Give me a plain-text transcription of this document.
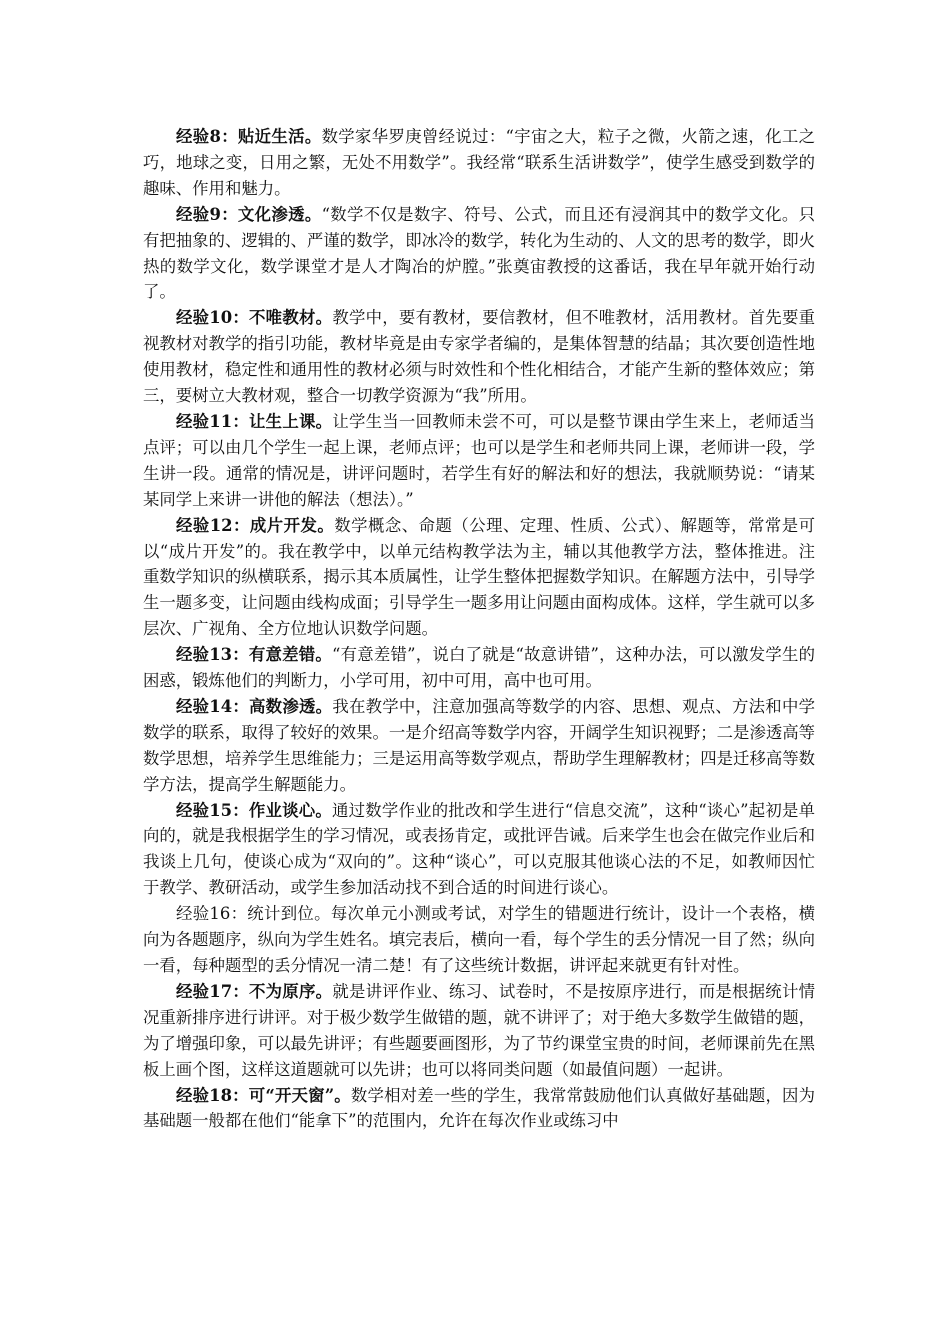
经验8：贴近生活。数学家华罗庚曾经说过：“宇宙之大，粒子之微，火箭之速，化工之巧，地球之变，日用之繁，无处不用数学”。我经常“联系生活讲数学”，使学生感受到数学的趣味、作用和魅力。

经验9：文化渗透。“数学不仅是数字、符号、公式，而且还有浸润其中的数学文化。只有把抽象的、逻辑的、严谨的数学，即冰冷的数学，转化为生动的、人文的思考的数学，即火热的数学文化，数学课堂才是人才陶冶的炉膛。”张奠宙教授的这番话，我在早年就开始行动了。

经验10：不唯教材。教学中，要有教材，要信教材，但不唯教材，活用教材。首先要重视教材对教学的指引功能，教材毕竟是由专家学者编的，是集体智慧的结晶；其次要创造性地使用教材，稳定性和通用性的教材必须与时效性和个性化相结合，才能产生新的整体效应；第三，要树立大教材观，整合一切教学资源为“我”所用。

经验11：让生上课。让学生当一回教师未尝不可，可以是整节课由学生来上，老师适当点评；可以由几个学生一起上课，老师点评；也可以是学生和老师共同上课，老师讲一段，学生讲一段。通常的情况是，讲评问题时，若学生有好的解法和好的想法，我就顺势说：“请某某同学上来讲一讲他的解法（想法）。”

经验12：成片开发。数学概念、命题（公理、定理、性质、公式）、解题等，常常是可以“成片开发”的。我在教学中，以单元结构教学法为主，辅以其他教学方法，整体推进。注重数学知识的纵横联系，揭示其本质属性，让学生整体把握数学知识。在解题方法中，引导学生一题多变，让问题由线构成面；引导学生一题多用让问题由面构成体。这样，学生就可以多层次、广视角、全方位地认识数学问题。

经验13：有意差错。“有意差错”，说白了就是“故意讲错”，这种办法，可以激发学生的困惑，锻炼他们的判断力，小学可用，初中可用，高中也可用。

经验14：高数渗透。我在教学中，注意加强高等数学的内容、思想、观点、方法和中学数学的联系，取得了较好的效果。一是介绍高等数学内容，开阔学生知识视野；二是渗透高等数学思想，培养学生思维能力；三是运用高等数学观点，帮助学生理解教材；四是迁移高等数学方法，提高学生解题能力。

经验15：作业谈心。通过数学作业的批改和学生进行“信息交流”，这种“谈心”起初是单向的，就是我根据学生的学习情况，或表扬肯定，或批评告诫。后来学生也会在做完作业后和我谈上几句，使谈心成为“双向的”。这种“谈心”，可以克服其他谈心法的不足，如教师因忙于教学、教研活动，或学生参加活动找不到合适的时间进行谈心。

经验16：统计到位。每次单元小测或考试，对学生的错题进行统计，设计一个表格，横向为各题题序，纵向为学生姓名。填完表后，横向一看，每个学生的丢分情况一目了然；纵向一看，每种题型的丢分情况一清二楚！有了这些统计数据，讲评起来就更有针对性。

经验17：不为原序。就是讲评作业、练习、试卷时，不是按原序进行，而是根据统计情况重新排序进行讲评。对于极少数学生做错的题，就不讲评了；对于绝大多数学生做错的题，为了增强印象，可以最先讲评；有些题要画图形，为了节约课堂宝贵的时间，老师课前先在黑板上画个图，这样这道题就可以先讲；也可以将同类问题（如最值问题）一起讲。

经验18：可“开天窗”。数学相对差一些的学生，我常常鼓励他们认真做好基础题，因为基础题一般都在他们“能拿下”的范围内，允许在每次作业或练习中
